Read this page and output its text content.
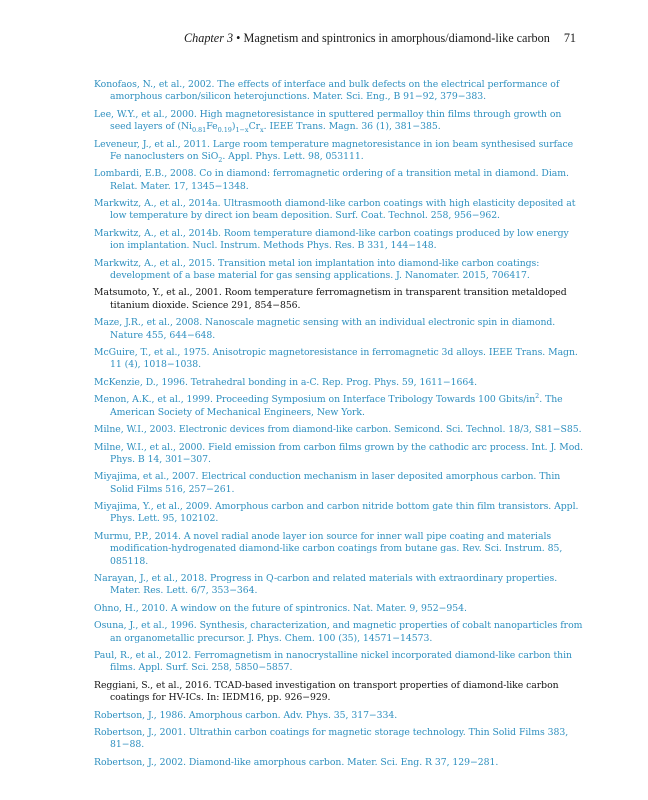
Chapter 3 • Magnetism and spintronics in amorphous/diamond-like carbon 71
Konofaos, N., et al., 2002. The effects of interface and bulk defects on the electrical performance of amorphous carbon/silicon heterojunctions. Mater. Sci. Eng., B 91−92, 379−383.
Lee, W.Y., et al., 2000. High magnetoresistance in sputtered permalloy thin films through growth on seed layers of $(Ni_{0.81}Fe_{0.19})_{1-x}Cr_x$. IEEE Trans. Magn. 36 (1), 381−385.
Leveneur, J., et al., 2011. Large room temperature magnetoresistance in ion beam synthesised surface Fe nanoclusters on SiO$_2$. Appl. Phys. Lett. 98, 053111.
Lombardi, E.B., 2008. Co in diamond: ferromagnetic ordering of a transition metal in diamond. Diam. Relat. Mater. 17, 1345−1348.
Markwitz, A., et al., 2014a. Ultrasmooth diamond-like carbon coatings with high elasticity deposited at low temperature by direct ion beam deposition. Surf. Coat. Technol. 258, 956−962.
Markwitz, A., et al., 2014b. Room temperature diamond-like carbon coatings produced by low energy ion implantation. Nucl. Instrum. Methods Phys. Res. B 331, 144−148.
Markwitz, A., et al., 2015. Transition metal ion implantation into diamond-like carbon coatings: development of a base material for gas sensing applications. J. Nanomater. 2015, 706417.
Matsumoto, Y., et al., 2001. Room temperature ferromagnetism in transparent transition metaldoped titanium dioxide. Science 291, 854−856.
Maze, J.R., et al., 2008. Nanoscale magnetic sensing with an individual electronic spin in diamond. Nature 455, 644−648.
McGuire, T., et al., 1975. Anisotropic magnetoresistance in ferromagnetic 3d alloys. IEEE Trans. Magn. 11 (4), 1018−1038.
McKenzie, D., 1996. Tetrahedral bonding in a-C. Rep. Prog. Phys. 59, 1611−1664.
Menon, A.K., et al., 1999. Proceeding Symposium on Interface Tribology Towards 100 Gbits/$in^2$. The American Society of Mechanical Engineers, New York.
Milne, W.I., 2003. Electronic devices from diamond-like carbon. Semicond. Sci. Technol. 18/3, S81−S85.
Milne, W.I., et al., 2000. Field emission from carbon films grown by the cathodic arc process. Int. J. Mod. Phys. B 14, 301−307.
Miyajima, et al., 2007. Electrical conduction mechanism in laser deposited amorphous carbon. Thin Solid Films 516, 257−261.
Miyajima, Y., et al., 2009. Amorphous carbon and carbon nitride bottom gate thin film transistors. Appl. Phys. Lett. 95, 102102.
Murmu, P.P., 2014. A novel radial anode layer ion source for inner wall pipe coating and materials modification-hydrogenated diamond-like carbon coatings from butane gas. Rev. Sci. Instrum. 85, 085118.
Narayan, J., et al., 2018. Progress in Q-carbon and related materials with extraordinary properties. Mater. Res. Lett. 6/7, 353−364.
Ohno, H., 2010. A window on the future of spintronics. Nat. Mater. 9, 952−954.
Osuna, J., et al., 1996. Synthesis, characterization, and magnetic properties of cobalt nanoparticles from an organometallic precursor. J. Phys. Chem. 100 (35), 14571−14573.
Paul, R., et al., 2012. Ferromagnetism in nanocrystalline nickel incorporated diamond-like carbon thin films. Appl. Surf. Sci. 258, 5850−5857.
Reggiani, S., et al., 2016. TCAD-based investigation on transport properties of diamond-like carbon coatings for HV-ICs. In: IEDM16, pp. 926−929.
Robertson, J., 1986. Amorphous carbon. Adv. Phys. 35, 317−334.
Robertson, J., 2001. Ultrathin carbon coatings for magnetic storage technology. Thin Solid Films 383, 81−88.
Robertson, J., 2002. Diamond-like amorphous carbon. Mater. Sci. Eng. R 37, 129−281.
